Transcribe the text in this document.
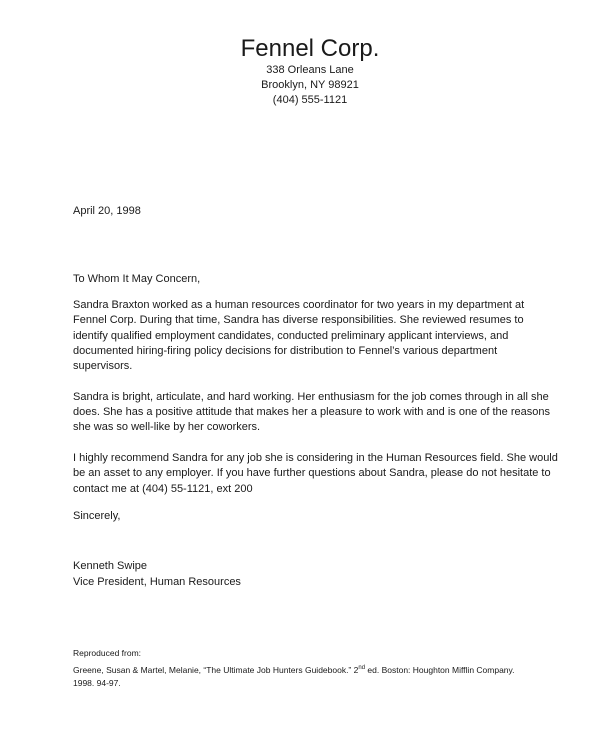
Fennel Corp.
338 Orleans Lane
Brooklyn, NY 98921
(404) 555-1121
April 20, 1998
To Whom It May Concern,
Sandra Braxton worked as a human resources coordinator for two years in my department at
Fennel Corp. During that time, Sandra has diverse responsibilities. She reviewed resumes to
identify qualified employment candidates, conducted preliminary applicant interviews, and
documented hiring-firing policy decisions for distribution to Fennel’s various department
supervisors.
Sandra is bright, articulate, and hard working. Her enthusiasm for the job comes through in all she
does. She has a positive attitude that makes her a pleasure to work with and is one of the reasons
she was so well-like by her coworkers.
I highly recommend Sandra for any job she is considering in the Human Resources field. She would
be an asset to any employer. If you have further questions about Sandra, please do not hesitate to
contact me at (404) 55-1121, ext 200
Sincerely,
Kenneth Swipe
Vice President, Human Resources
Reproduced from:
Greene, Susan & Martel, Melanie, “The Ultimate Job Hunters Guidebook.” 2nd ed. Boston: Houghton Mifflin Company.
1998. 94-97.
